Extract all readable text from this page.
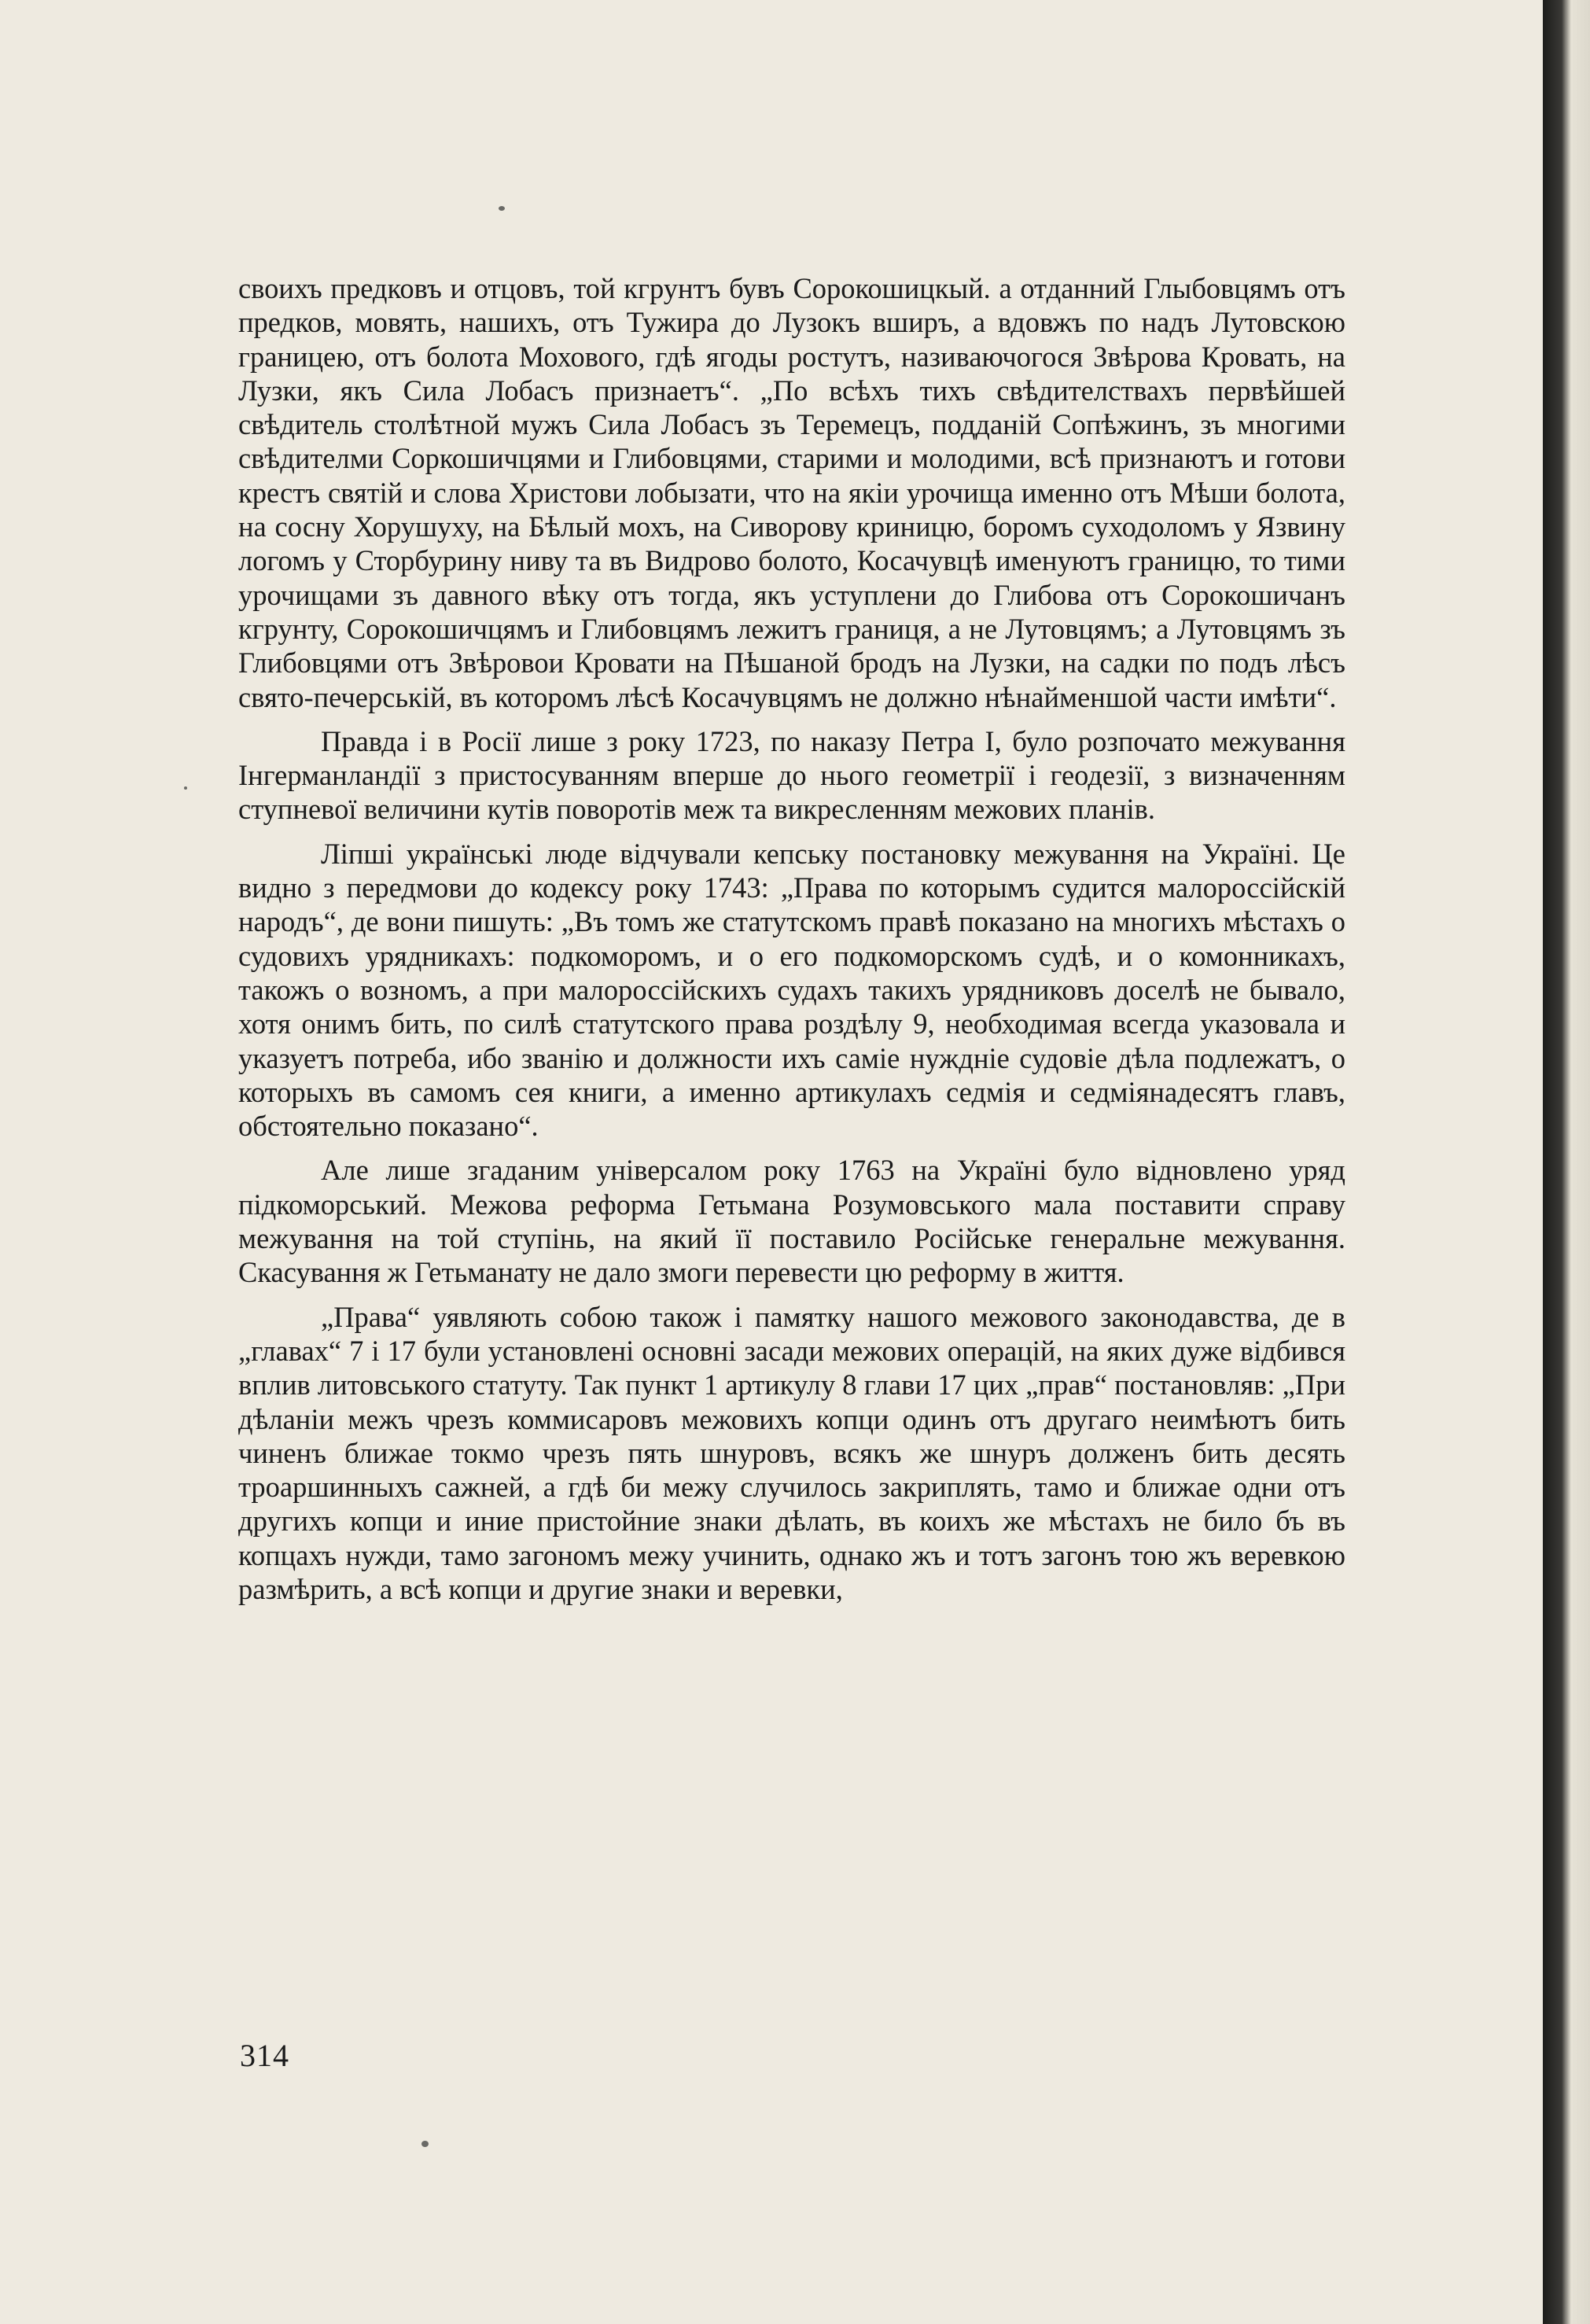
своихъ предковъ и отцовъ, той кгрунтъ бувъ Сорокошицкый. а отданний Глыбовцямъ отъ предков, мовять, нашихъ, отъ Тужира до Лузокъ вширъ, а вдовжъ по надъ Лутовскою границею, отъ болота Мохового, гдѣ ягоды ростутъ, називаючогося Звѣрова Кровать, на Лузки, якъ Сила Лобасъ признаетъ“. „По всѣхъ тихъ свѣдителствахъ первѣйшей свѣдитель столѣтной мужъ Сила Лобасъ зъ Теремецъ, подданій Сопѣжинъ, зъ многими свѣдителми Соркошичцями и Глибовцями, старими и молодими, всѣ признаютъ и готови крестъ святій и слова Христови лобызати, что на якіи урочища именно отъ Мѣши болота, на сосну Хорушуху, на Бѣлый мохъ, на Сиворову криницю, боромъ суходоломъ у Язвину логомъ у Сторбурину ниву та въ Видрово болото, Косачувцѣ именуютъ границю, то тими урочищами зъ давного вѣку отъ тогда, якъ уступлени до Глибова отъ Сорокошичанъ кгрунту, Сорокошичцямъ и Глибовцямъ лежитъ границя, а не Лутовцямъ; а Лутовцямъ зъ Глибовцями отъ Звѣровои Кровати на Пѣшаной бродъ на Лузки, на садки по подъ лѣсъ свято-печерській, въ которомъ лѣсѣ Косачувцямъ не должно нѣнайменшой части имѣти“.

Правда і в Росії лише з року 1723, по наказу Петра I, було розпочато межування Інгерманландії з пристосуванням вперше до нього геометрії і геодезії, з визначенням ступневої величини кутів поворотів меж та викресленням межових планів.

Ліпші українські люде відчували кепську постановку межування на Україні. Це видно з передмови до кодексу року 1743: „Права по которымъ судится малороссійскій народъ“, де вони пишуть: „Въ томъ же статутскомъ правѣ показано на многихъ мѣстахъ о судовихъ урядникахъ: подкоморомъ, и о его подкоморскомъ судѣ, и о комонникахъ, такожъ о возномъ, а при малороссійскихъ судахъ такихъ урядниковъ доселѣ не бывало, хотя онимъ бить, по силѣ статутского права роздѣлу 9, необходимая всегда указовала и указуетъ потреба, ибо званію и должности ихъ саміе нуждніе судовіе дѣла подлежатъ, о которыхъ въ самомъ сея книги, а именно артикулахъ седмія и седміянадесятъ главъ, обстоятельно показано“.

Але лише згаданим універсалом року 1763 на Україні було відновлено уряд підкоморський. Межова реформа Гетьмана Розумовського мала поставити справу межування на той ступінь, на який її поставило Російське генеральне межування. Скасування ж Гетьманату не дало змоги перевести цю реформу в життя.

„Права“ уявляють собою також і памятку нашого межового законодавства, де в „главах“ 7 і 17 були установлені основні засади межових операцій, на яких дуже відбився вплив литовського статуту. Так пункт 1 артикулу 8 глави 17 цих „прав“ постановляв: „При дѣланіи межъ чрезъ коммисаровъ межовихъ копци одинъ отъ другаго неимѣютъ бить чиненъ ближае токмо чрезъ пять шнуровъ, всякъ же шнуръ долженъ бить десять троаршинныхъ сажней, а гдѣ би межу случилось закриплять, тамо и ближае одни отъ другихъ копци и иние пристойние знаки дѣлать, въ коихъ же мѣстахъ не било бъ въ копцахъ нужди, тамо загономъ межу учинить, однако жъ и тотъ загонъ тою жъ веревкою размѣрить, а всѣ копци и другие знаки и веревки,

314
